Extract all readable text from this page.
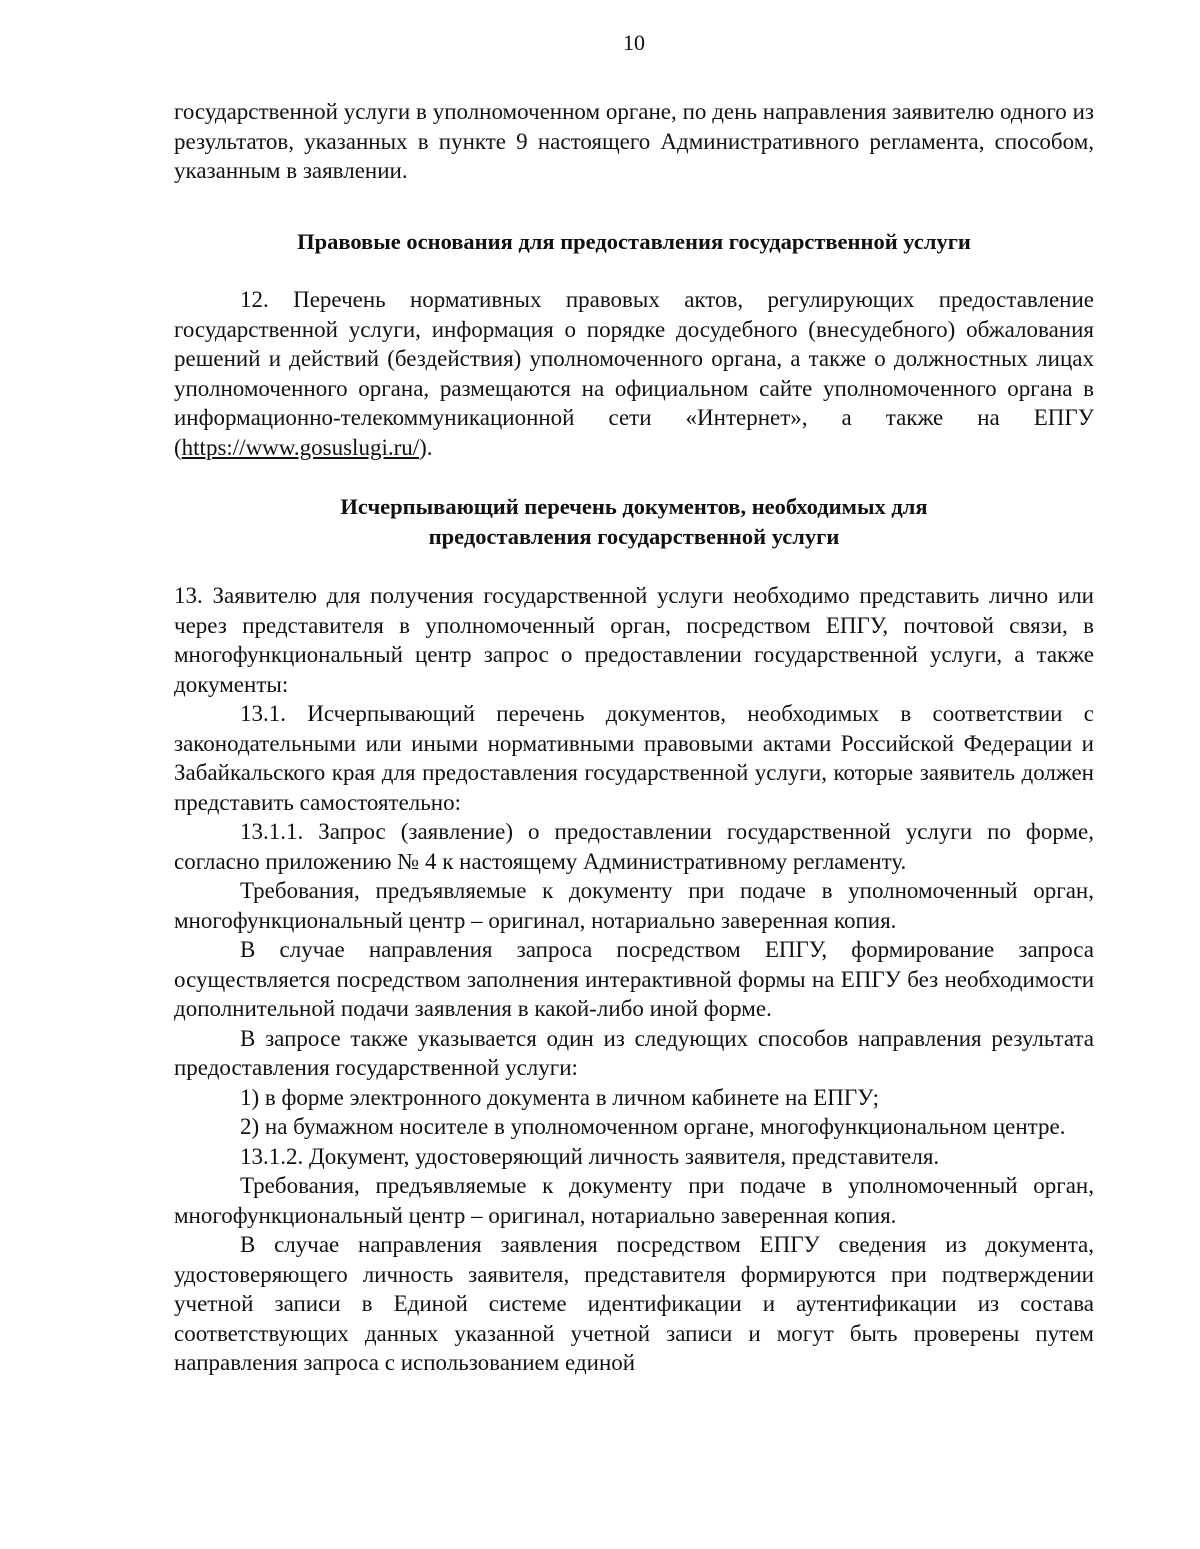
10

государственной услуги в уполномоченном органе, по день направления заявителю одного из результатов, указанных в пункте 9 настоящего Административного регламента, способом, указанным в заявлении.

Правовые основания для предоставления государственной услуги

12. Перечень нормативных правовых актов, регулирующих предоставление государственной услуги, информация о порядке досудебного (внесудебного) обжалования решений и действий (бездействия) уполномоченного органа, а также о должностных лицах уполномоченного органа, размещаются на официальном сайте уполномоченного органа в информационно-телекоммуникационной сети «Интернет», а также на ЕПГУ (https://www.gosuslugi.ru/).

Исчерпывающий перечень документов, необходимых для
предоставления государственной услуги

13. Заявителю для получения государственной услуги необходимо представить лично или через представителя в уполномоченный орган, посредством ЕПГУ, почтовой связи, в многофункциональный центр запрос о предоставлении государственной услуги, а также документы:

13.1. Исчерпывающий перечень документов, необходимых в соответствии с законодательными или иными нормативными правовыми актами Российской Федерации и Забайкальского края для предоставления государственной услуги, которые заявитель должен представить самостоятельно:

13.1.1. Запрос (заявление) о предоставлении государственной услуги по форме, согласно приложению № 4 к настоящему Административному регламенту.

Требования, предъявляемые к документу при подаче в уполномоченный орган, многофункциональный центр – оригинал, нотариально заверенная копия.

В случае направления запроса посредством ЕПГУ, формирование запроса осуществляется посредством заполнения интерактивной формы на ЕПГУ без необходимости дополнительной подачи заявления в какой-либо иной форме.

В запросе также указывается один из следующих способов направления результата предоставления государственной услуги:

1) в форме электронного документа в личном кабинете на ЕПГУ;

2) на бумажном носителе в уполномоченном органе, многофункциональном центре.

13.1.2. Документ, удостоверяющий личность заявителя, представителя.

Требования, предъявляемые к документу при подаче в уполномоченный орган, многофункциональный центр – оригинал, нотариально заверенная копия.

В случае направления заявления посредством ЕПГУ сведения из документа, удостоверяющего личность заявителя, представителя формируются при подтверждении учетной записи в Единой системе идентификации и аутентификации из состава соответствующих данных указанной учетной записи и могут быть проверены путем направления запроса с использованием единой
